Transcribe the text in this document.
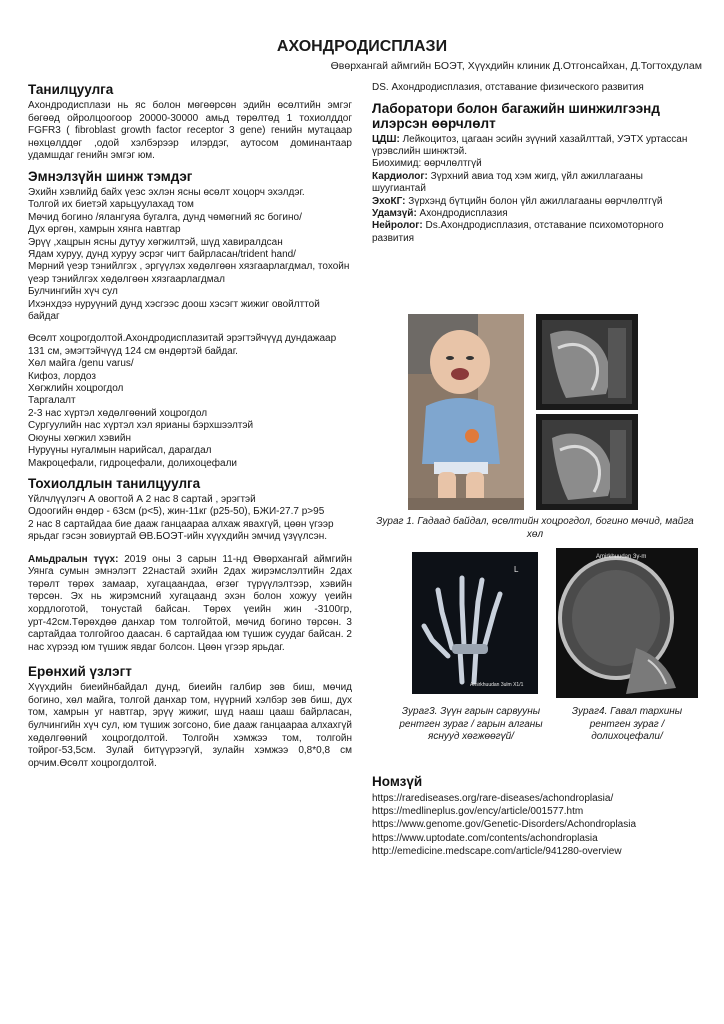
АХОНДРОДИСПЛАЗИ
Өвөрхангай аймгийн БОЭТ, Хүүхдийн клиник Д.Отгонсайхан, Д.Тогтохдулам
Танилцуулга

Ахондродисплази нь яс болон мөгөөрсөн эдийн өсөлтийн эмгэг бөгөөд ойролцоогоор 20000-30000 амьд төрөлтөд 1 тохиолддог FGFR3 ( fibroblast growth factor receptor 3 gene) генийн мутацаар нөхцөлддөг ,одой хэлбэрээр илэрдэг, аутосом доминантаар удамшдаг генийн эмгэг юм.

Эмнэлзүйн шинж тэмдэг
Эхийн хэвлийд байх үеэс эхлэн ясны өсөлт хоцорч эхэлдэг.
Толгой их биетэй харьцуулахад том
Мөчид богино /ялангуяа бугалга, дунд чөмөгний яс богино/
Дух өргөн, хамрын хянга навтгар
Эрүү ,хацрын ясны дутуу хөгжилтэй, шүд хавиралдсан
Ядам хуруу, дунд хуруу эсрэг чигт байрласан/trident hand/
Мөрний үеэр тэнийлгэх , эргүүлэх хөдөлгөөн хязгаарлагдмал, тохойн үеэр тэнийлгэх хөдөлгөөн хязгаарлагдмал
Булчингийн хүч сул
Ихэнхдээ нуруүний дунд хэсгээс доош хэсэгт жижиг овойлттой байдаг
Өсөлт хоцрогдолтой.Ахондродисплазитай эрэгтэйчүүд дундажаар 131 см, эмэгтэйчүүд 124 см өндөртэй байдаг.
Хөл майга /genu varus/
Кифоз, лордоз
Хөгжлийн хоцрогдол
Таргалалт
2-3 нас хүртэл хөдөлгөөний хоцрогдол
Сургуулийн нас хүртэл хэл ярианы бэрхшээлтэй
Оюуны хөгжил хэвийн
Нуруүны нугалмын нарийсал, дарагдал
Макроцефали, гидроцефали, долихоцефали
Тохиолдлын танилцуулга
Үйлчлүүлэгч А овогтой А 2 нас 8 сартай , эрэгтэй
Одоогийн өндөр - 63см (р<5), жин-11кг (р25-50), БЖИ-27.7 р>95
2 нас 8 сартайдаа бие дааж ганцаараа алхаж явахгүй, цөөн үгээр ярьдаг гэсэн зовиуртай ӨВ.БОЭТ-ийн хүүхдийн эмчид үзүүлсэн.

Амьдралын түүх: 2019 оны 3 сарын 11-нд Өвөрхангай аймгийн Уянга сумын эмнэлэгт 22настай эхийн 2дах жирэмслэлтийн 2дах төрөлт төрөх замаар, хугацаандаа, өгзөг түрүүлэлтээр, хэвийн төрсөн. Эх нь жирэмсний хугацаанд эхэн болон хожуу үеийн хордлоготой, тонустай байсан. Төрөх үеийн жин -3100гр, урт-42см.Төрөхдөө данхар том толгойтой, мөчид богино төрсөн. 3 сартайдаа толгойгоо даасан. 6 сартайдаа юм түшиж суудаг байсан. 2 нас хүрээд юм түшиж явдаг болсон. Цөөн үгээр ярьдаг.

Ерөнхий үзлэгт

Хүүхдийн биеийнбайдал дунд, биеийн галбир зөв биш, мөчид богино, хөл майга, толгой данхар том, нүүрний хэлбэр зөв биш, дух том, хамрын уг навтгар, эрүү жижиг, шүд нааш цааш байрласан, булчингийн хүч сул, юм түшиж зогсоно, бие дааж ганцаараа алхахгүй хөдөлгөөний хоцрогдолтой. Толгойн хэмжээ том, толгойн тойрог-53,5см. Зулай битүүрээгүй, зулайн хэмжээ 0,8*0,8 см орчим.Өсөлт хоцрогдолтой.

DS. Ахондродисплазия, отставание физического развития

Лаборатори болон багажийн шинжилгээнд илэрсэн өөрчлөлт
ЦДШ: Лейкоцитоз, цагаан эсийн зүүний хазайлттай, УЭТХ уртассан үрэвслийн шинжтэй.
Биохимид: өөрчлөлтгүй
Кардиолог: Зүрхний авиа тод хэм жигд, үйл ажиллагааны шуугиантай
ЭхоКГ: Зүрхэнд бүтцийн болон үйл ажиллагааны өөрчлөлтгүй
Удамзүй: Ахондродисплазия
Нейролог: Ds.Ахондродисплазия, отставание психомоторного развития
Зураг 1. Гадаад байдал, өсөлтийн хоцрогдол, богино мөчид, майга хөл
L
Amirkhuudan 3ulm X1/1
Amirkhuudan 3y-m
Зураг3. Зүүн гарын сарвууны рентген зураг / гарын алганы яснууд хөгжөөгүй/
Зураг4. Гавал тархины рентген зураг /долихоцефали/
Номзүй
https://rarediseases.org/rare-diseases/achondroplasia/
https://medlineplus.gov/ency/article/001577.htm
https://www.genome.gov/Genetic-Disorders/Achondroplasia
https://www.uptodate.com/contents/achondroplasia
http://emedicine.medscape.com/article/941280-overview
